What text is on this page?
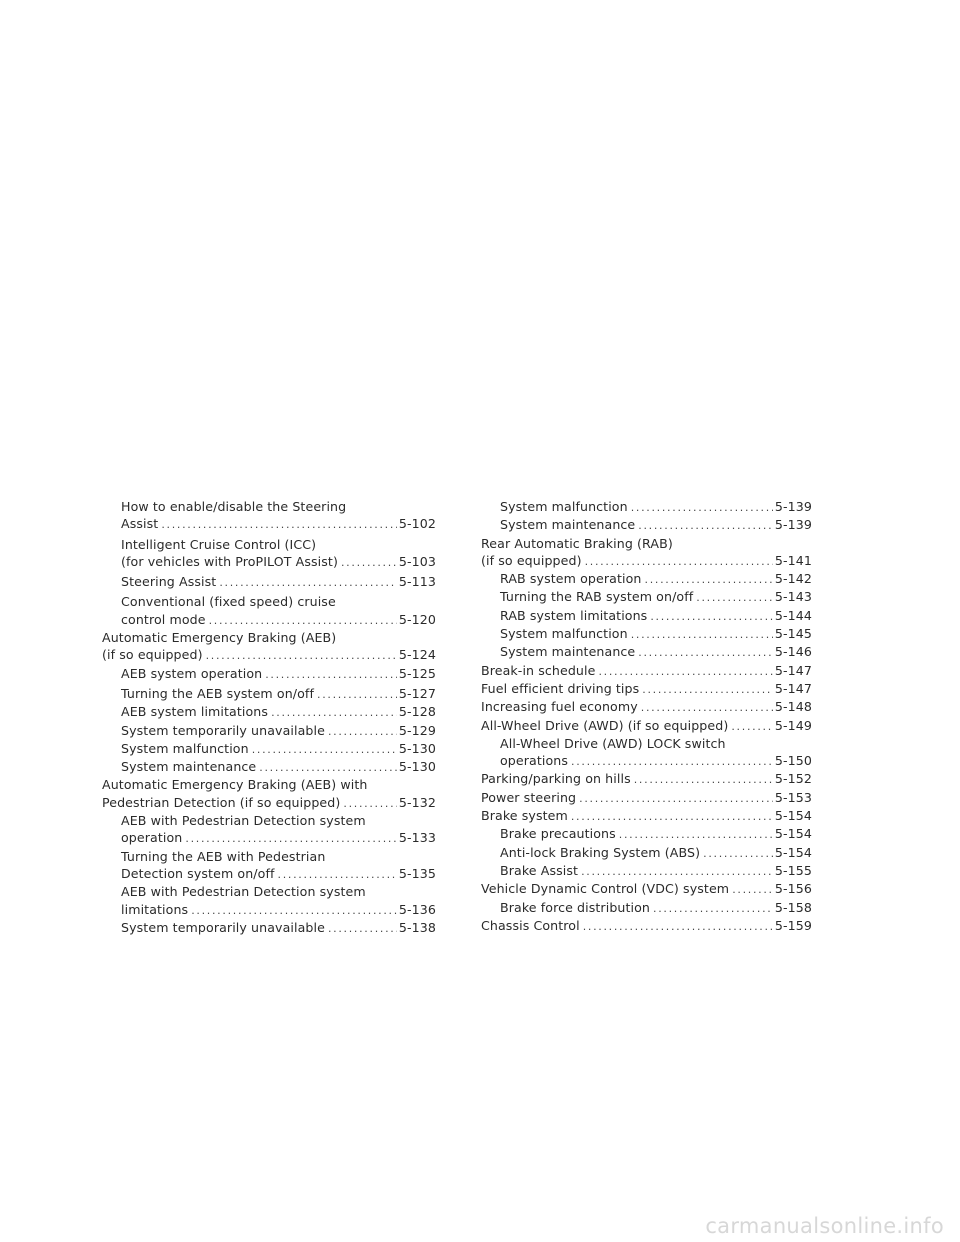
How to enable/disable the Steering
Assist . . .	5-102
Intelligent Cruise Control (ICC)
(for vehicles with ProPILOT Assist) . . .	5-103
Steering Assist . . .	5-113
Conventional (fixed speed) cruise
control mode . . .	5-120
Automatic Emergency Braking (AEB)
(if so equipped) . . .	5-124
AEB system operation . . .	5-125
Turning the AEB system on/off . . .	5-127
AEB system limitations . . .	5-128
System temporarily unavailable . . .	5-129
System malfunction . . .	5-130
System maintenance . . .	5-130
Automatic Emergency Braking (AEB) with
Pedestrian Detection (if so equipped) . . .	5-132
AEB with Pedestrian Detection system
operation . . .	5-133
Turning the AEB with Pedestrian
Detection system on/off . . .	5-135
AEB with Pedestrian Detection system
limitations . . .	5-136
System temporarily unavailable . . .	5-138
System malfunction . . .	5-139
System maintenance . . .	5-139
Rear Automatic Braking (RAB)
(if so equipped) . . .	5-141
RAB system operation . . .	5-142
Turning the RAB system on/off . . .	5-143
RAB system limitations . . .	5-144
System malfunction . . .	5-145
System maintenance . . .	5-146
Break-in schedule . . .	5-147
Fuel efficient driving tips . . .	5-147
Increasing fuel economy . . .	5-148
All-Wheel Drive (AWD) (if so equipped) . . .	5-149
All-Wheel Drive (AWD) LOCK switch
operations . . .	5-150
Parking/parking on hills . . .	5-152
Power steering . . .	5-153
Brake system . . .	5-154
Brake precautions . . .	5-154
Anti-lock Braking System (ABS) . . .	5-154
Brake Assist . . .	5-155
Vehicle Dynamic Control (VDC) system . . .	5-156
Brake force distribution . . .	5-158
Chassis Control . . .	5-159
carmanualsonline.info
